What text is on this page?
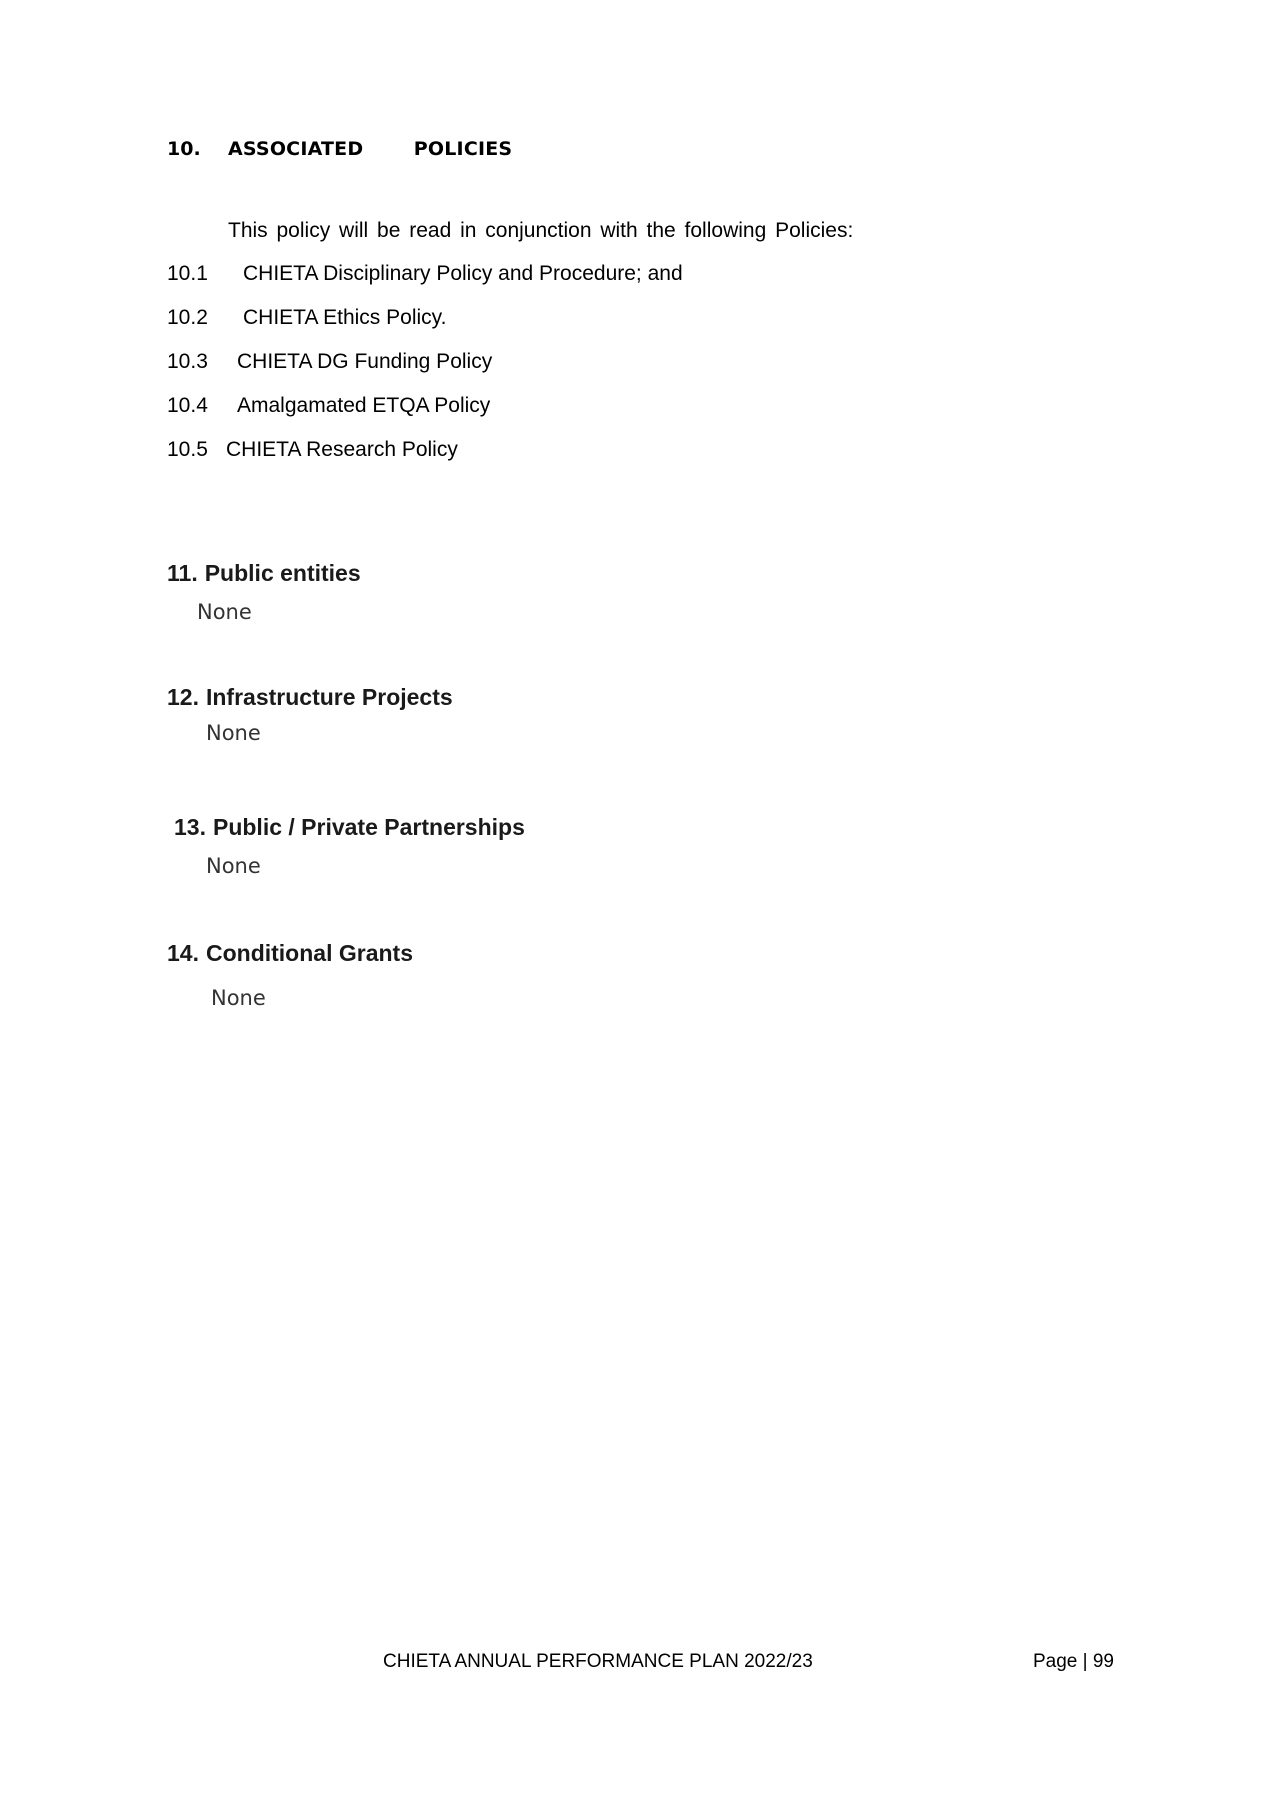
10. ASSOCIATED   POLICIES
This policy will be read in conjunction with the following Policies:
10.1 CHIETA Disciplinary Policy and Procedure; and
10.2 CHIETA Ethics Policy.
10.3 CHIETA DG Funding Policy
10.4 Amalgamated ETQA Policy
10.5 CHIETA Research Policy
11. Public entities
None
12. Infrastructure Projects
None
13. Public / Private Partnerships
None
14. Conditional Grants
None
CHIETA ANNUAL PERFORMANCE PLAN 2022/23	Page | 99
